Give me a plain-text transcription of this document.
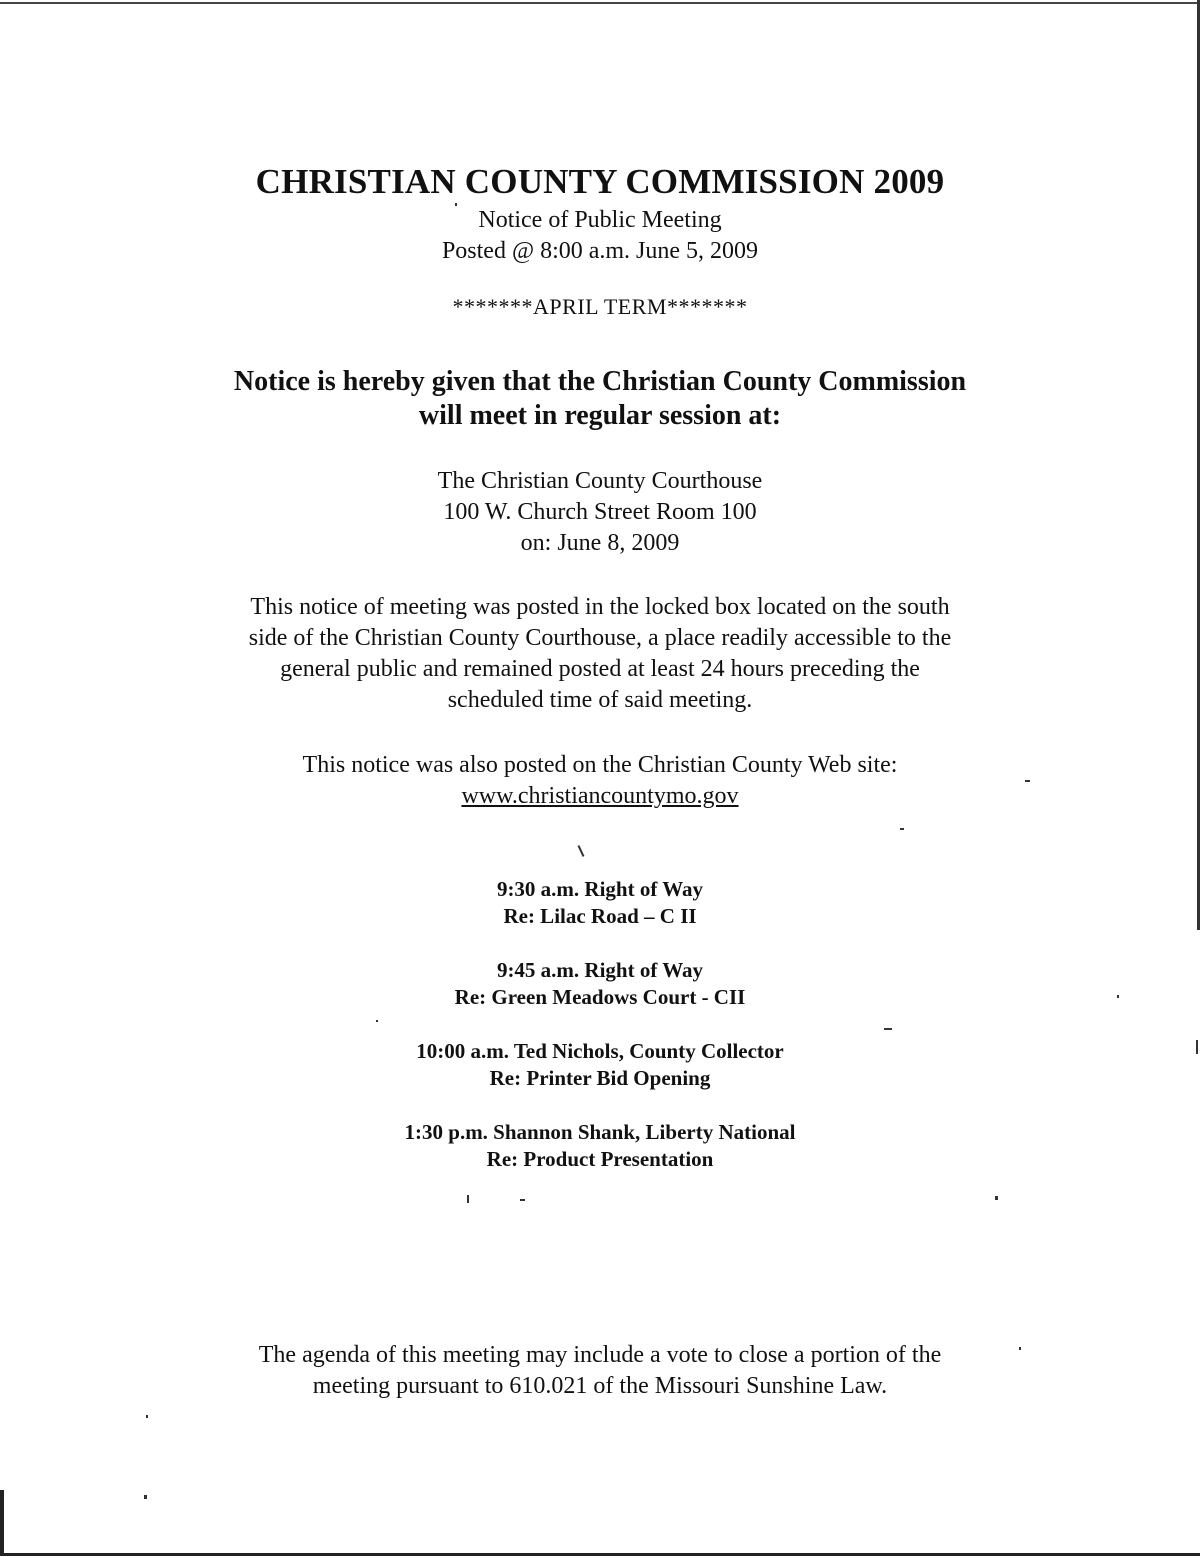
CHRISTIAN COUNTY COMMISSION 2009
Notice of Public Meeting
Posted @ 8:00 a.m. June 5, 2009
*******APRIL TERM*******
Notice is hereby given that the Christian County Commission
will meet in regular session at:
The Christian County Courthouse
100 W. Church Street Room 100
on: June 8, 2009
This notice of meeting was posted in the locked box located on the south
side of the Christian County Courthouse, a place readily accessible to the
general public and remained posted at least 24 hours preceding the
scheduled time of said meeting.
This notice was also posted on the Christian County Web site:
www.christiancountymo.gov
9:30 a.m. Right of Way
Re: Lilac Road – C II
9:45 a.m. Right of Way
Re: Green Meadows Court - CII
10:00 a.m. Ted Nichols, County Collector
Re: Printer Bid Opening
1:30 p.m. Shannon Shank, Liberty National
Re: Product Presentation
The agenda of this meeting may include a vote to close a portion of the
meeting pursuant to 610.021 of the Missouri Sunshine Law.
